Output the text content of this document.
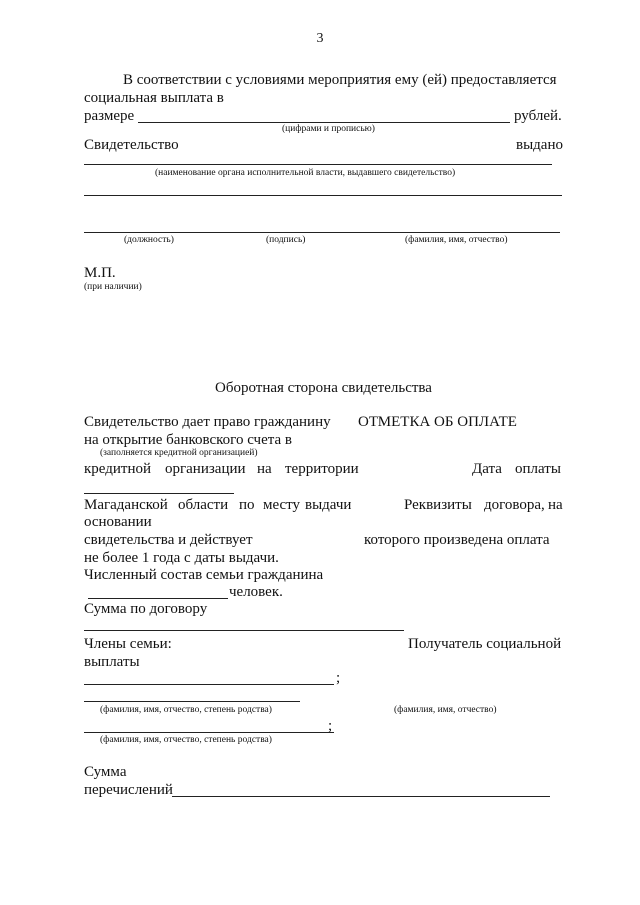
3
В соответствии с условиями мероприятия ему (ей) предоставляется
социальная выплата в
размере	рублей.
(цифрами и прописью)
Свидетельство	выдано
(наименование органа исполнительной власти, выдавшего свидетельство)
(должность)	(подпись)	(фамилия, имя, отчество)
М.П.
(при наличии)
Оборотная сторона свидетельства
Свидетельство дает право гражданину ОТМЕТКА ОБ ОПЛАТЕ
на открытие банковского счета в
(заполняется кредитной организацией)
кредитной организации на территории	Дата оплаты
Магаданской области по месту выдачи	Реквизиты договора, на
основании
свидетельства и действует	которого произведена оплата
не более 1 года с даты выдачи.
Численный состав семьи гражданина
человек.
Сумма по договору
Члены семьи:	Получатель социальной
выплаты
;
(фамилия, имя, отчество, степень родства)	(фамилия, имя, отчество)
;
(фамилия, имя, отчество, степень родства)
Сумма
перечислений
